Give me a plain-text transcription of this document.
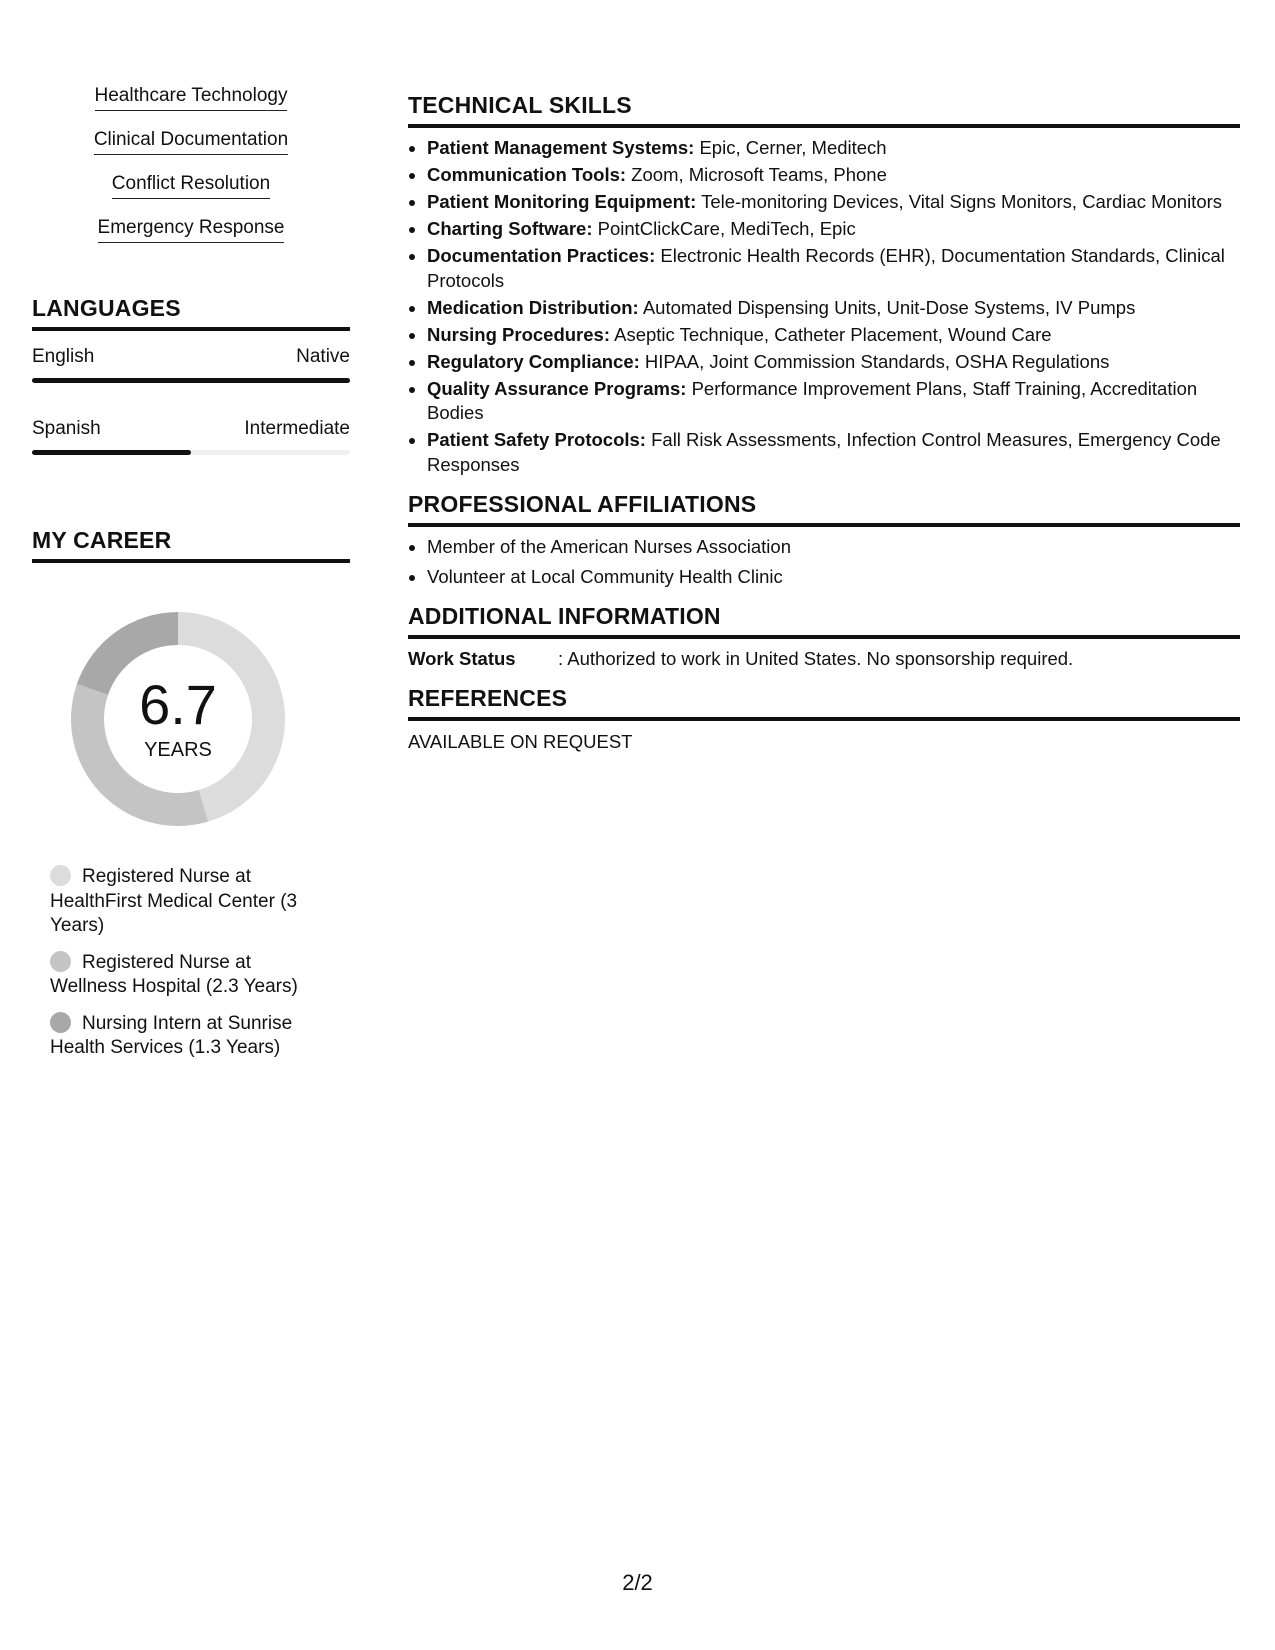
Healthcare Technology
Clinical Documentation
Conflict Resolution
Emergency Response
LANGUAGES
English	Native
Spanish	Intermediate
MY CAREER
6.7
YEARS
Registered Nurse at HealthFirst Medical Center (3 Years)
Registered Nurse at Wellness Hospital (2.3 Years)
Nursing Intern at Sunrise Health Services (1.3 Years)
TECHNICAL SKILLS
• Patient Management Systems: Epic, Cerner, Meditech
• Communication Tools: Zoom, Microsoft Teams, Phone
• Patient Monitoring Equipment: Tele-monitoring Devices, Vital Signs Monitors, Cardiac Monitors
• Charting Software: PointClickCare, MediTech, Epic
• Documentation Practices: Electronic Health Records (EHR), Documentation Standards, Clinical Protocols
• Medication Distribution: Automated Dispensing Units, Unit-Dose Systems, IV Pumps
• Nursing Procedures: Aseptic Technique, Catheter Placement, Wound Care
• Regulatory Compliance: HIPAA, Joint Commission Standards, OSHA Regulations
• Quality Assurance Programs: Performance Improvement Plans, Staff Training, Accreditation Bodies
• Patient Safety Protocols: Fall Risk Assessments, Infection Control Measures, Emergency Code Responses
PROFESSIONAL AFFILIATIONS
• Member of the American Nurses Association
• Volunteer at Local Community Health Clinic
ADDITIONAL INFORMATION
Work Status	: Authorized to work in United States. No sponsorship required.
REFERENCES
AVAILABLE ON REQUEST
2/2
